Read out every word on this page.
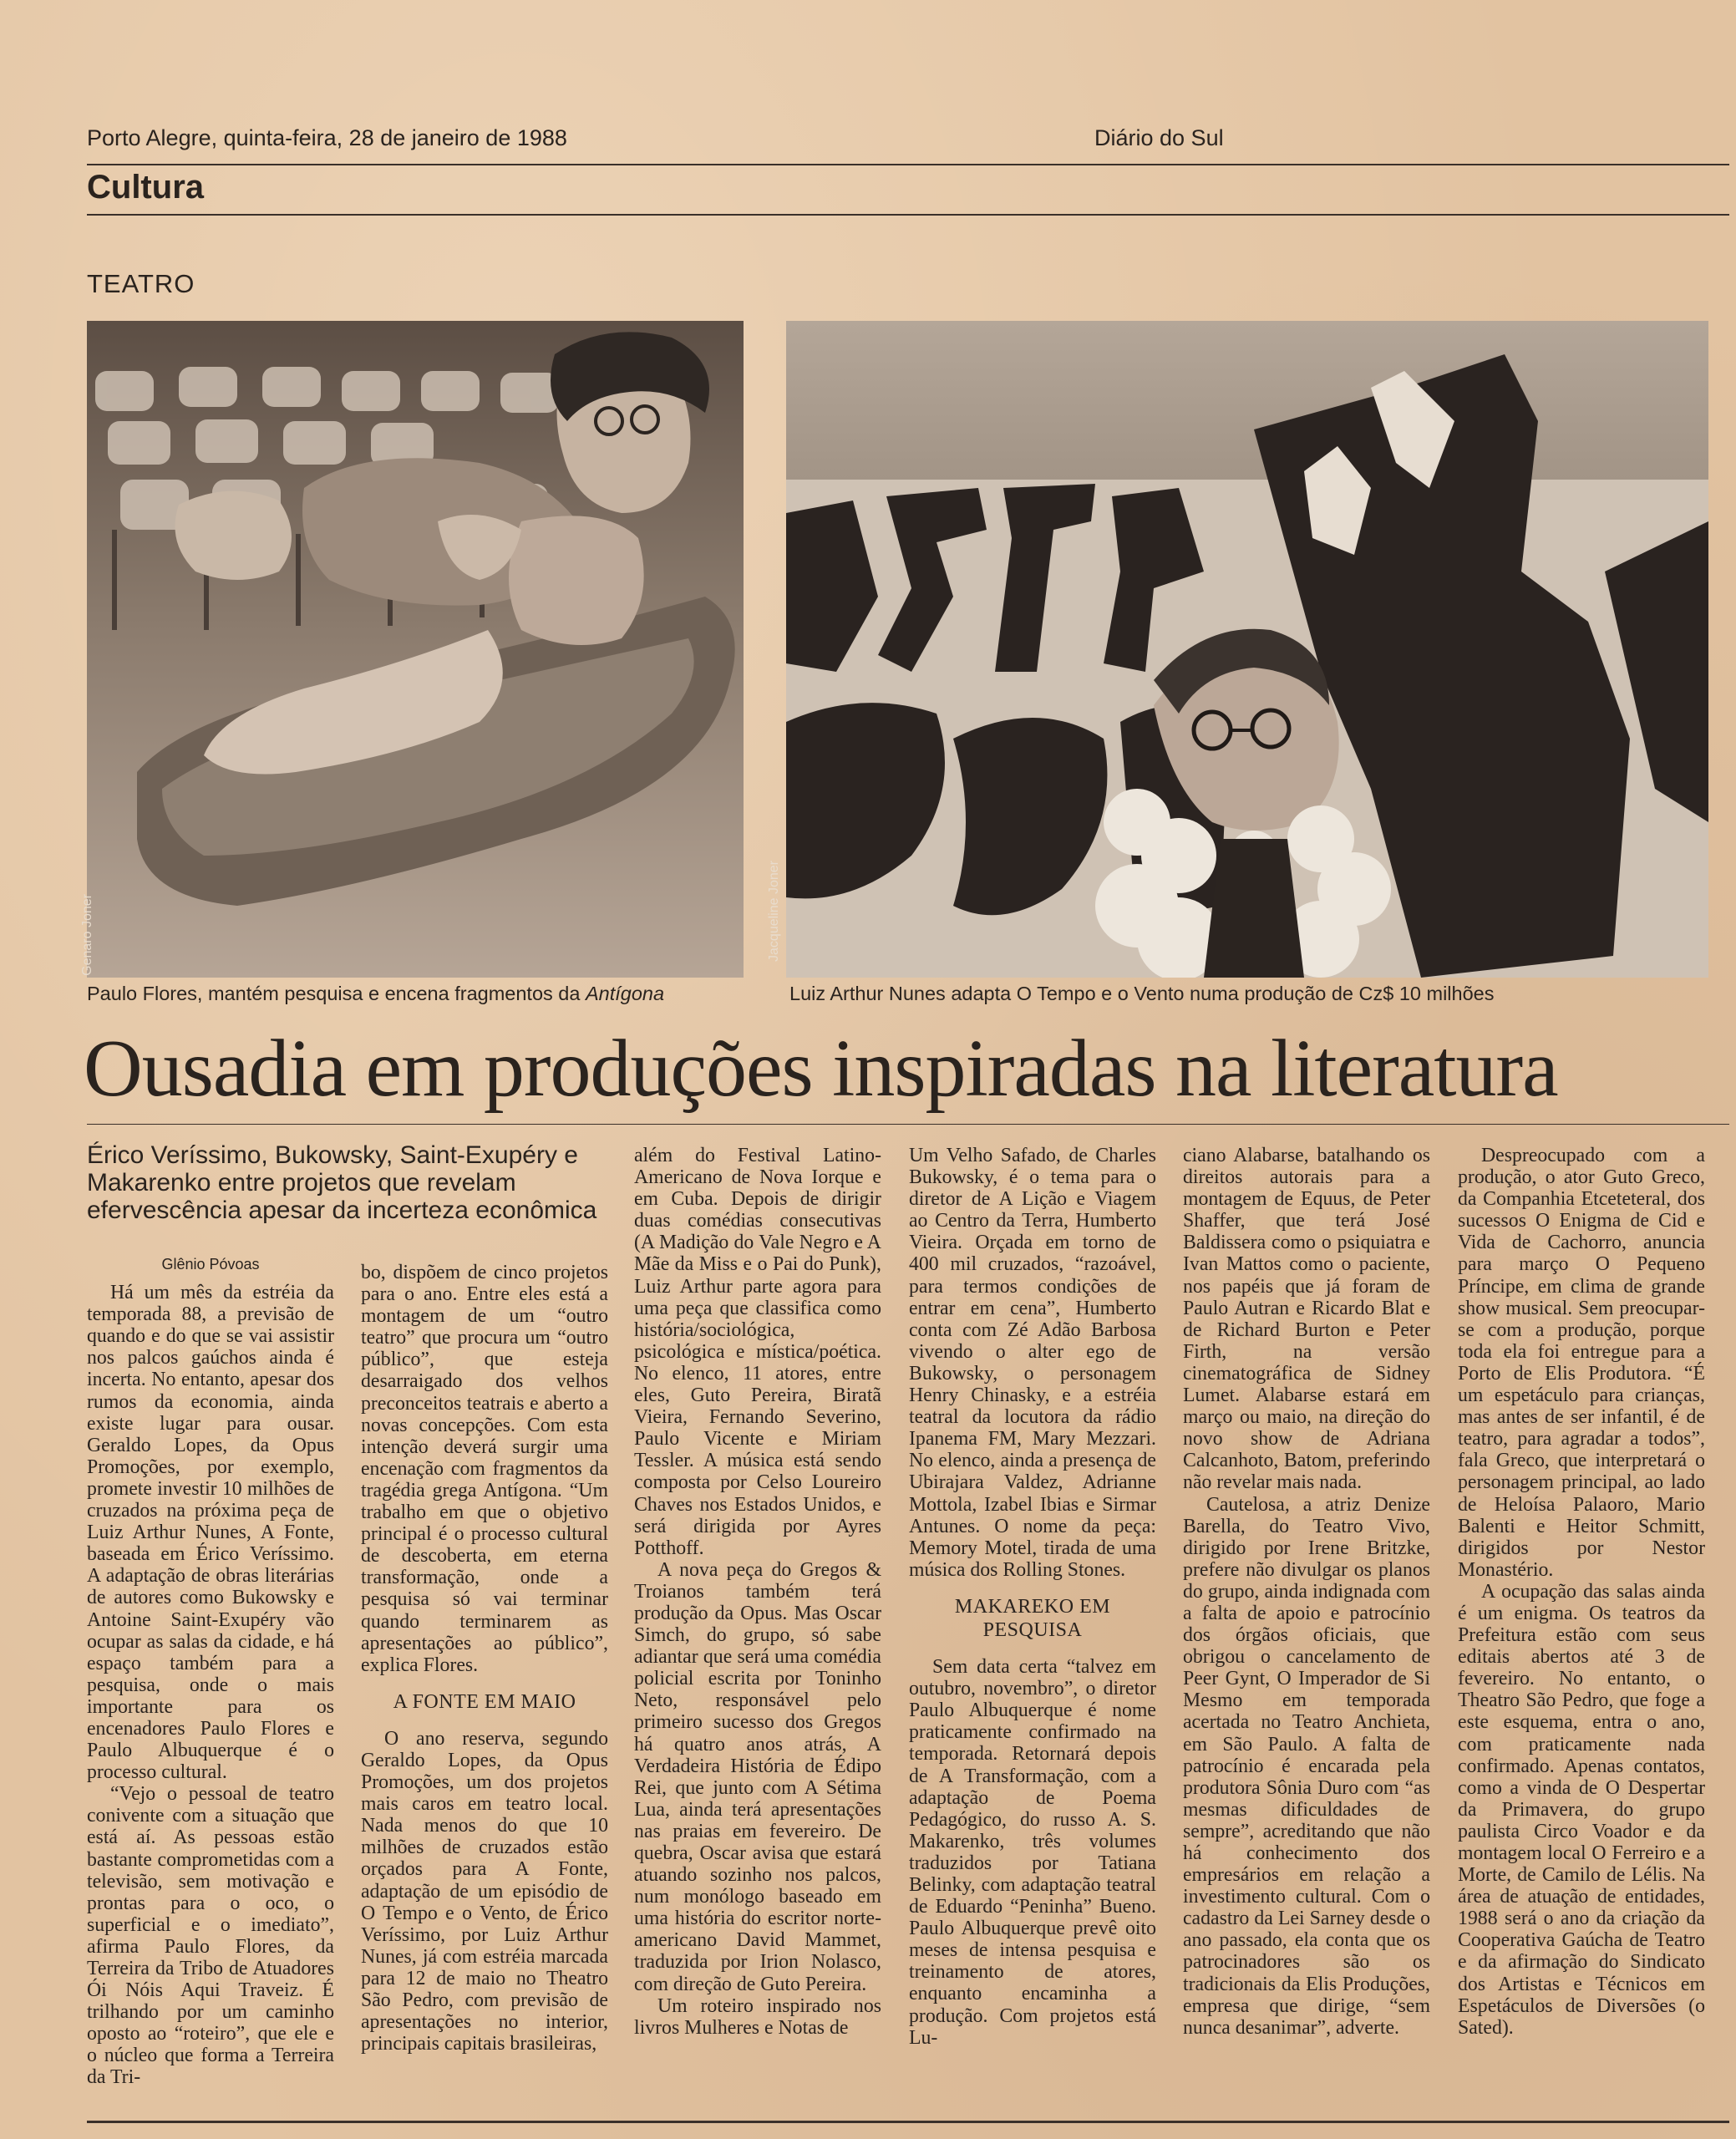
Porto Alegre, quinta-feira, 28 de janeiro de 1988	Diário do Sul
Cultura
TEATRO
Genaro Joner	Jacqueline Joner
Paulo Flores, mantém pesquisa e encena fragmentos da Antígona	Luiz Arthur Nunes adapta O Tempo e o Vento numa produção de Cz$ 10 milhões
Ousadia em produções inspiradas na literatura
Érico Veríssimo, Bukowsky, Saint-Exupéry e Makarenko entre projetos que revelam efervescência apesar da incerteza econômica

Glênio Póvoas

Há um mês da estréia da temporada 88, a previsão de quando e do que se vai assistir nos palcos gaúchos ainda é incerta. No entanto, apesar dos rumos da economia, ainda existe lugar para ousar. Geraldo Lopes, da Opus Promoções, por exemplo, promete investir 10 milhões de cruzados na próxima peça de Luiz Arthur Nunes, A Fonte, baseada em Érico Veríssimo. A adaptação de obras literárias de autores como Bukowsky e Antoine Saint-Exupéry vão ocupar as salas da cidade, e há espaço também para a pesquisa, onde o mais importante para os encenadores Paulo Flores e Paulo Albuquerque é o processo cultural.

“Vejo o pessoal de teatro conivente com a situação que está aí. As pessoas estão bastante comprometidas com a televisão, sem motivação e prontas para o oco, o superficial e o imediato”, afirma Paulo Flores, da Terreira da Tribo de Atuadores Ói Nóis Aqui Traveiz. É trilhando por um caminho oposto ao “roteiro”, que ele e o núcleo que forma a Terreira da Tri-

bo, dispõem de cinco projetos para o ano. Entre eles está a montagem de um “outro teatro” que procura um “outro público”, que esteja desarraigado dos velhos preconceitos teatrais e aberto a novas concepções. Com esta intenção deverá surgir uma encenação com fragmentos da tragédia grega Antígona. “Um trabalho em que o objetivo principal é o processo cultural de descoberta, em eterna transformação, onde a pesquisa só vai terminar quando terminarem as apresentações ao público”, explica Flores.

A FONTE EM MAIO

O ano reserva, segundo Geraldo Lopes, da Opus Promoções, um dos projetos mais caros em teatro local. Nada menos do que 10 milhões de cruzados estão orçados para A Fonte, adaptação de um episódio de O Tempo e o Vento, de Érico Veríssimo, por Luiz Arthur Nunes, já com estréia marcada para 12 de maio no Theatro São Pedro, com previsão de apresentações no interior, principais capitais brasileiras,

além do Festival Latino-Americano de Nova Iorque e em Cuba. Depois de dirigir duas comédias consecutivas (A Madição do Vale Negro e A Mãe da Miss e o Pai do Punk), Luiz Arthur parte agora para uma peça que classifica como história/sociológica, psicológica e mística/poética. No elenco, 11 atores, entre eles, Guto Pereira, Biratã Vieira, Fernando Severino, Paulo Vicente e Miriam Tessler. A música está sendo composta por Celso Loureiro Chaves nos Estados Unidos, e será dirigida por Ayres Potthoff.

A nova peça do Gregos & Troianos também terá produção da Opus. Mas Oscar Simch, do grupo, só sabe adiantar que será uma comédia policial escrita por Toninho Neto, responsável pelo primeiro sucesso dos Gregos há quatro anos atrás, A Verdadeira História de Édipo Rei, que junto com A Sétima Lua, ainda terá apresentações nas praias em fevereiro. De quebra, Oscar avisa que estará atuando sozinho nos palcos, num monólogo baseado em uma história do escritor norte-americano David Mammet, traduzida por Irion Nolasco, com direção de Guto Pereira.

Um roteiro inspirado nos livros Mulheres e Notas de

Um Velho Safado, de Charles Bukowsky, é o tema para o diretor de A Lição e Viagem ao Centro da Terra, Humberto Vieira. Orçada em torno de 400 mil cruzados, “razoável, para termos condições de entrar em cena”, Humberto conta com Zé Adão Barbosa vivendo o alter ego de Bukowsky, o personagem Henry Chinasky, e a estréia teatral da locutora da rádio Ipanema FM, Mary Mezzari. No elenco, ainda a presença de Ubirajara Valdez, Adrianne Mottola, Izabel Ibias e Sirmar Antunes. O nome da peça: Memory Motel, tirada de uma música dos Rolling Stones.

MAKAREKO EM

PESQUISA

Sem data certa “talvez em outubro, novembro”, o diretor Paulo Albuquerque é nome praticamente confirmado na temporada. Retornará depois de A Transformação, com a adaptação de Poema Pedagógico, do russo A. S. Makarenko, três volumes traduzidos por Tatiana Belinky, com adaptação teatral de Eduardo “Peninha” Bueno. Paulo Albuquerque prevê oito meses de intensa pesquisa e treinamento de atores, enquanto encaminha a produção. Com projetos está Lu-

ciano Alabarse, batalhando os direitos autorais para a montagem de Equus, de Peter Shaffer, que terá José Baldissera como o psiquiatra e Ivan Mattos como o paciente, nos papéis que já foram de Paulo Autran e Ricardo Blat e de Richard Burton e Peter Firth, na versão cinematográfica de Sidney Lumet. Alabarse estará em março ou maio, na direção do novo show de Adriana Calcanhoto, Batom, preferindo não revelar mais nada.

Cautelosa, a atriz Denize Barella, do Teatro Vivo, dirigido por Irene Britzke, prefere não divulgar os planos do grupo, ainda indignada com a falta de apoio e patrocínio dos órgãos oficiais, que obrigou o cancelamento de Peer Gynt, O Imperador de Si Mesmo em temporada acertada no Teatro Anchieta, em São Paulo. A falta de patrocínio é encarada pela produtora Sônia Duro com “as mesmas dificuldades de sempre”, acreditando que não há conhecimento dos empresários em relação a investimento cultural. Com o cadastro da Lei Sarney desde o ano passado, ela conta que os patrocinadores são os tradicionais da Elis Produções, empresa que dirige, “sem nunca desanimar”, adverte.

Despreocupado com a produção, o ator Guto Greco, da Companhia Etceteteral, dos sucessos O Enigma de Cid e Vida de Cachorro, anuncia para março O Pequeno Príncipe, em clima de grande show musical. Sem preocupar-se com a produção, porque toda ela foi entregue para a Porto de Elis Produtora. “É um espetáculo para crianças, mas antes de ser infantil, é de teatro, para agradar a todos”, fala Greco, que interpretará o personagem principal, ao lado de Heloísa Palaoro, Mario Balenti e Heitor Schmitt, dirigidos por Nestor Monastério.

A ocupação das salas ainda é um enigma. Os teatros da Prefeitura estão com seus editais abertos até 3 de fevereiro. No entanto, o Theatro São Pedro, que foge a este esquema, entra o ano, com praticamente nada confirmado. Apenas contatos, como a vinda de O Despertar da Primavera, do grupo paulista Circo Voador e da montagem local O Ferreiro e a Morte, de Camilo de Lélis. Na área de atuação de entidades, 1988 será o ano da criação da Cooperativa Gaúcha de Teatro e da afirmação do Sindicato dos Artistas e Técnicos em Espetáculos de Diversões (o Sated).
